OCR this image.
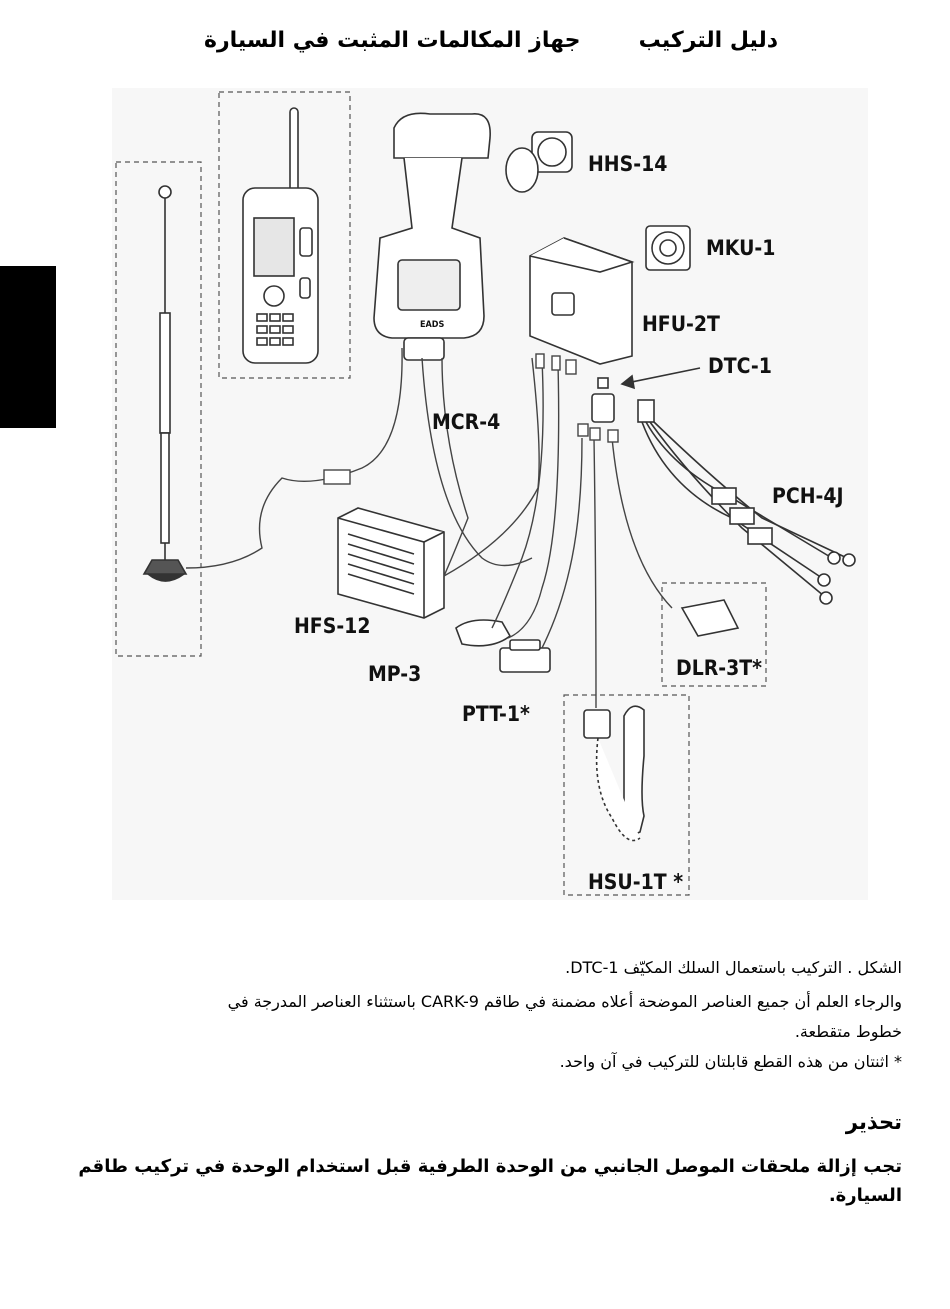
دليل التركيب
جهاز المكالمات المثبت في السيارة
EADS
HHS-14
MKU-1
HFU-2T
DTC-1
MCR-4
PCH-4J
HFS-12
MP-3
PTT-1*
DLR-3T*
HSU-1T *
الشكل . التركيب باستعمال السلك المكيّف DTC-1.
والرجاء العلم أن جميع العناصر الموضحة أعلاه مضمنة في طاقم CARK-9 باستثناء العناصر المدرجة في
خطوط متقطعة.
* اثنتان من هذه القطع قابلتان للتركيب في آن واحد.
تحذير
تجب إزالة ملحقات الموصل الجانبي من الوحدة الطرفية قبل استخدام الوحدة في تركيب طاقم
السيارة.
